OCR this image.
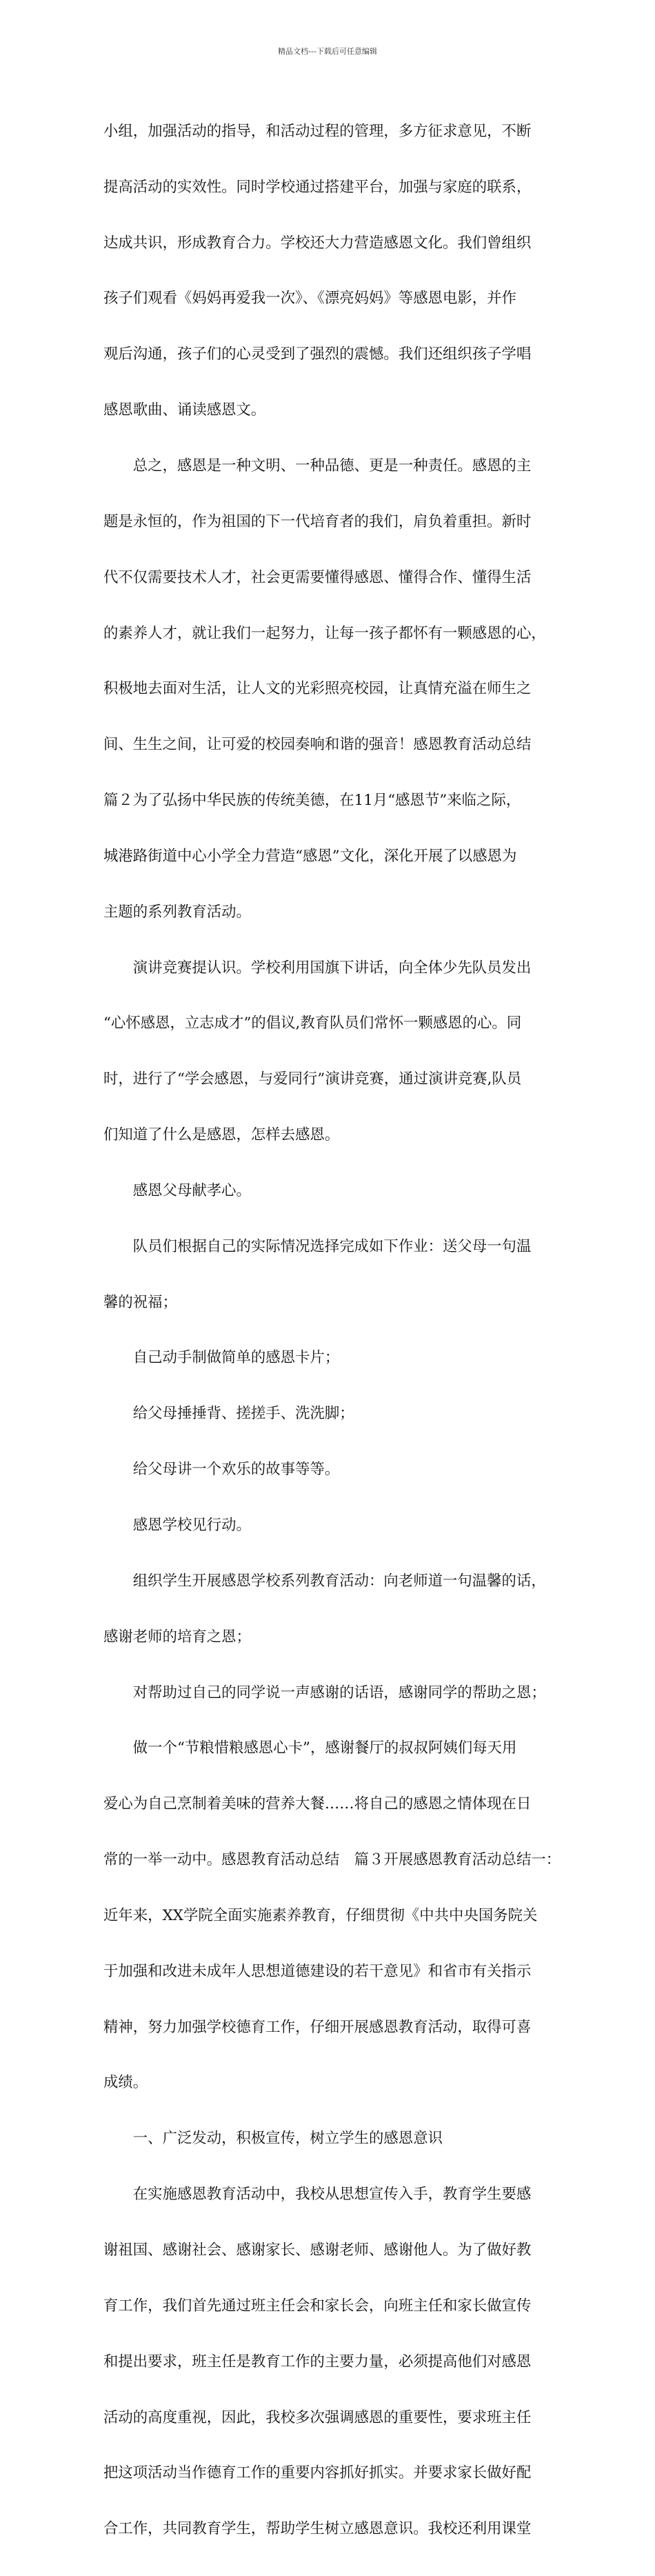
精品文档---下载后可任意编辑

小组，加强活动的指导，和活动过程的管理，多方征求意见，不断

提高活动的实效性。同时学校通过搭建平台，加强与家庭的联系，

达成共识，形成教育合力。学校还大力营造感恩文化。我们曾组织

孩子们观看《妈妈再爱我一次》、《漂亮妈妈》等感恩电影，并作

观后沟通，孩子们的心灵受到了强烈的震憾。我们还组织孩子学唱

感恩歌曲、诵读感恩文。

　　总之，感恩是一种文明、一种品德、更是一种责任。感恩的主

题是永恒的，作为祖国的下一代培育者的我们，肩负着重担。新时

代不仅需要技术人才，社会更需要懂得感恩、懂得合作、懂得生活

的素养人才，就让我们一起努力，让每一孩子都怀有一颗感恩的心，

积极地去面对生活，让人文的光彩照亮校园，让真情充溢在师生之

间、生生之间，让可爱的校园奏响和谐的强音！感恩教育活动总结

篇２为了弘扬中华民族的传统美德，在11月“感恩节”来临之际，

城港路街道中心小学全力营造“感恩”文化，深化开展了以感恩为

主题的系列教育活动。

　　演讲竞赛提认识。学校利用国旗下讲话，向全体少先队员发出

“心怀感恩，立志成才”的倡议,教育队员们常怀一颗感恩的心。同

时，进行了“学会感恩，与爱同行”演讲竞赛，通过演讲竞赛,队员

们知道了什么是感恩，怎样去感恩。

　　感恩父母献孝心。

　　队员们根据自己的实际情况选择完成如下作业：送父母一句温

馨的祝福；

　　自己动手制做简单的感恩卡片；

　　给父母捶捶背、搓搓手、洗洗脚；

　　给父母讲一个欢乐的故事等等。

　　感恩学校见行动。

　　组织学生开展感恩学校系列教育活动：向老师道一句温馨的话，

感谢老师的培育之恩；

　　对帮助过自己的同学说一声感谢的话语，感谢同学的帮助之恩；

　　做一个“节粮惜粮感恩心卡”，感谢餐厅的叔叔阿姨们每天用

爱心为自己烹制着美味的营养大餐……将自己的感恩之情体现在日

常的一举一动中。感恩教育活动总结　篇３开展感恩教育活动总结一：

近年来，XX学院全面实施素养教育，仔细贯彻《中共中央国务院关

于加强和改进未成年人思想道德建设的若干意见》和省市有关指示

精神，努力加强学校德育工作，仔细开展感恩教育活动，取得可喜

成绩。

　　一、广泛发动，积极宣传，树立学生的感恩意识

　　在实施感恩教育活动中，我校从思想宣传入手，教育学生要感

谢祖国、感谢社会、感谢家长、感谢老师、感谢他人。为了做好教

育工作，我们首先通过班主任会和家长会，向班主任和家长做宣传

和提出要求，班主任是教育工作的主要力量，必须提高他们对感恩

活动的高度重视，因此，我校多次强调感恩的重要性，要求班主任

把这项活动当作德育工作的重要内容抓好抓实。并要求家长做好配

合工作，共同教育学生，帮助学生树立感恩意识。我校还利用课堂
